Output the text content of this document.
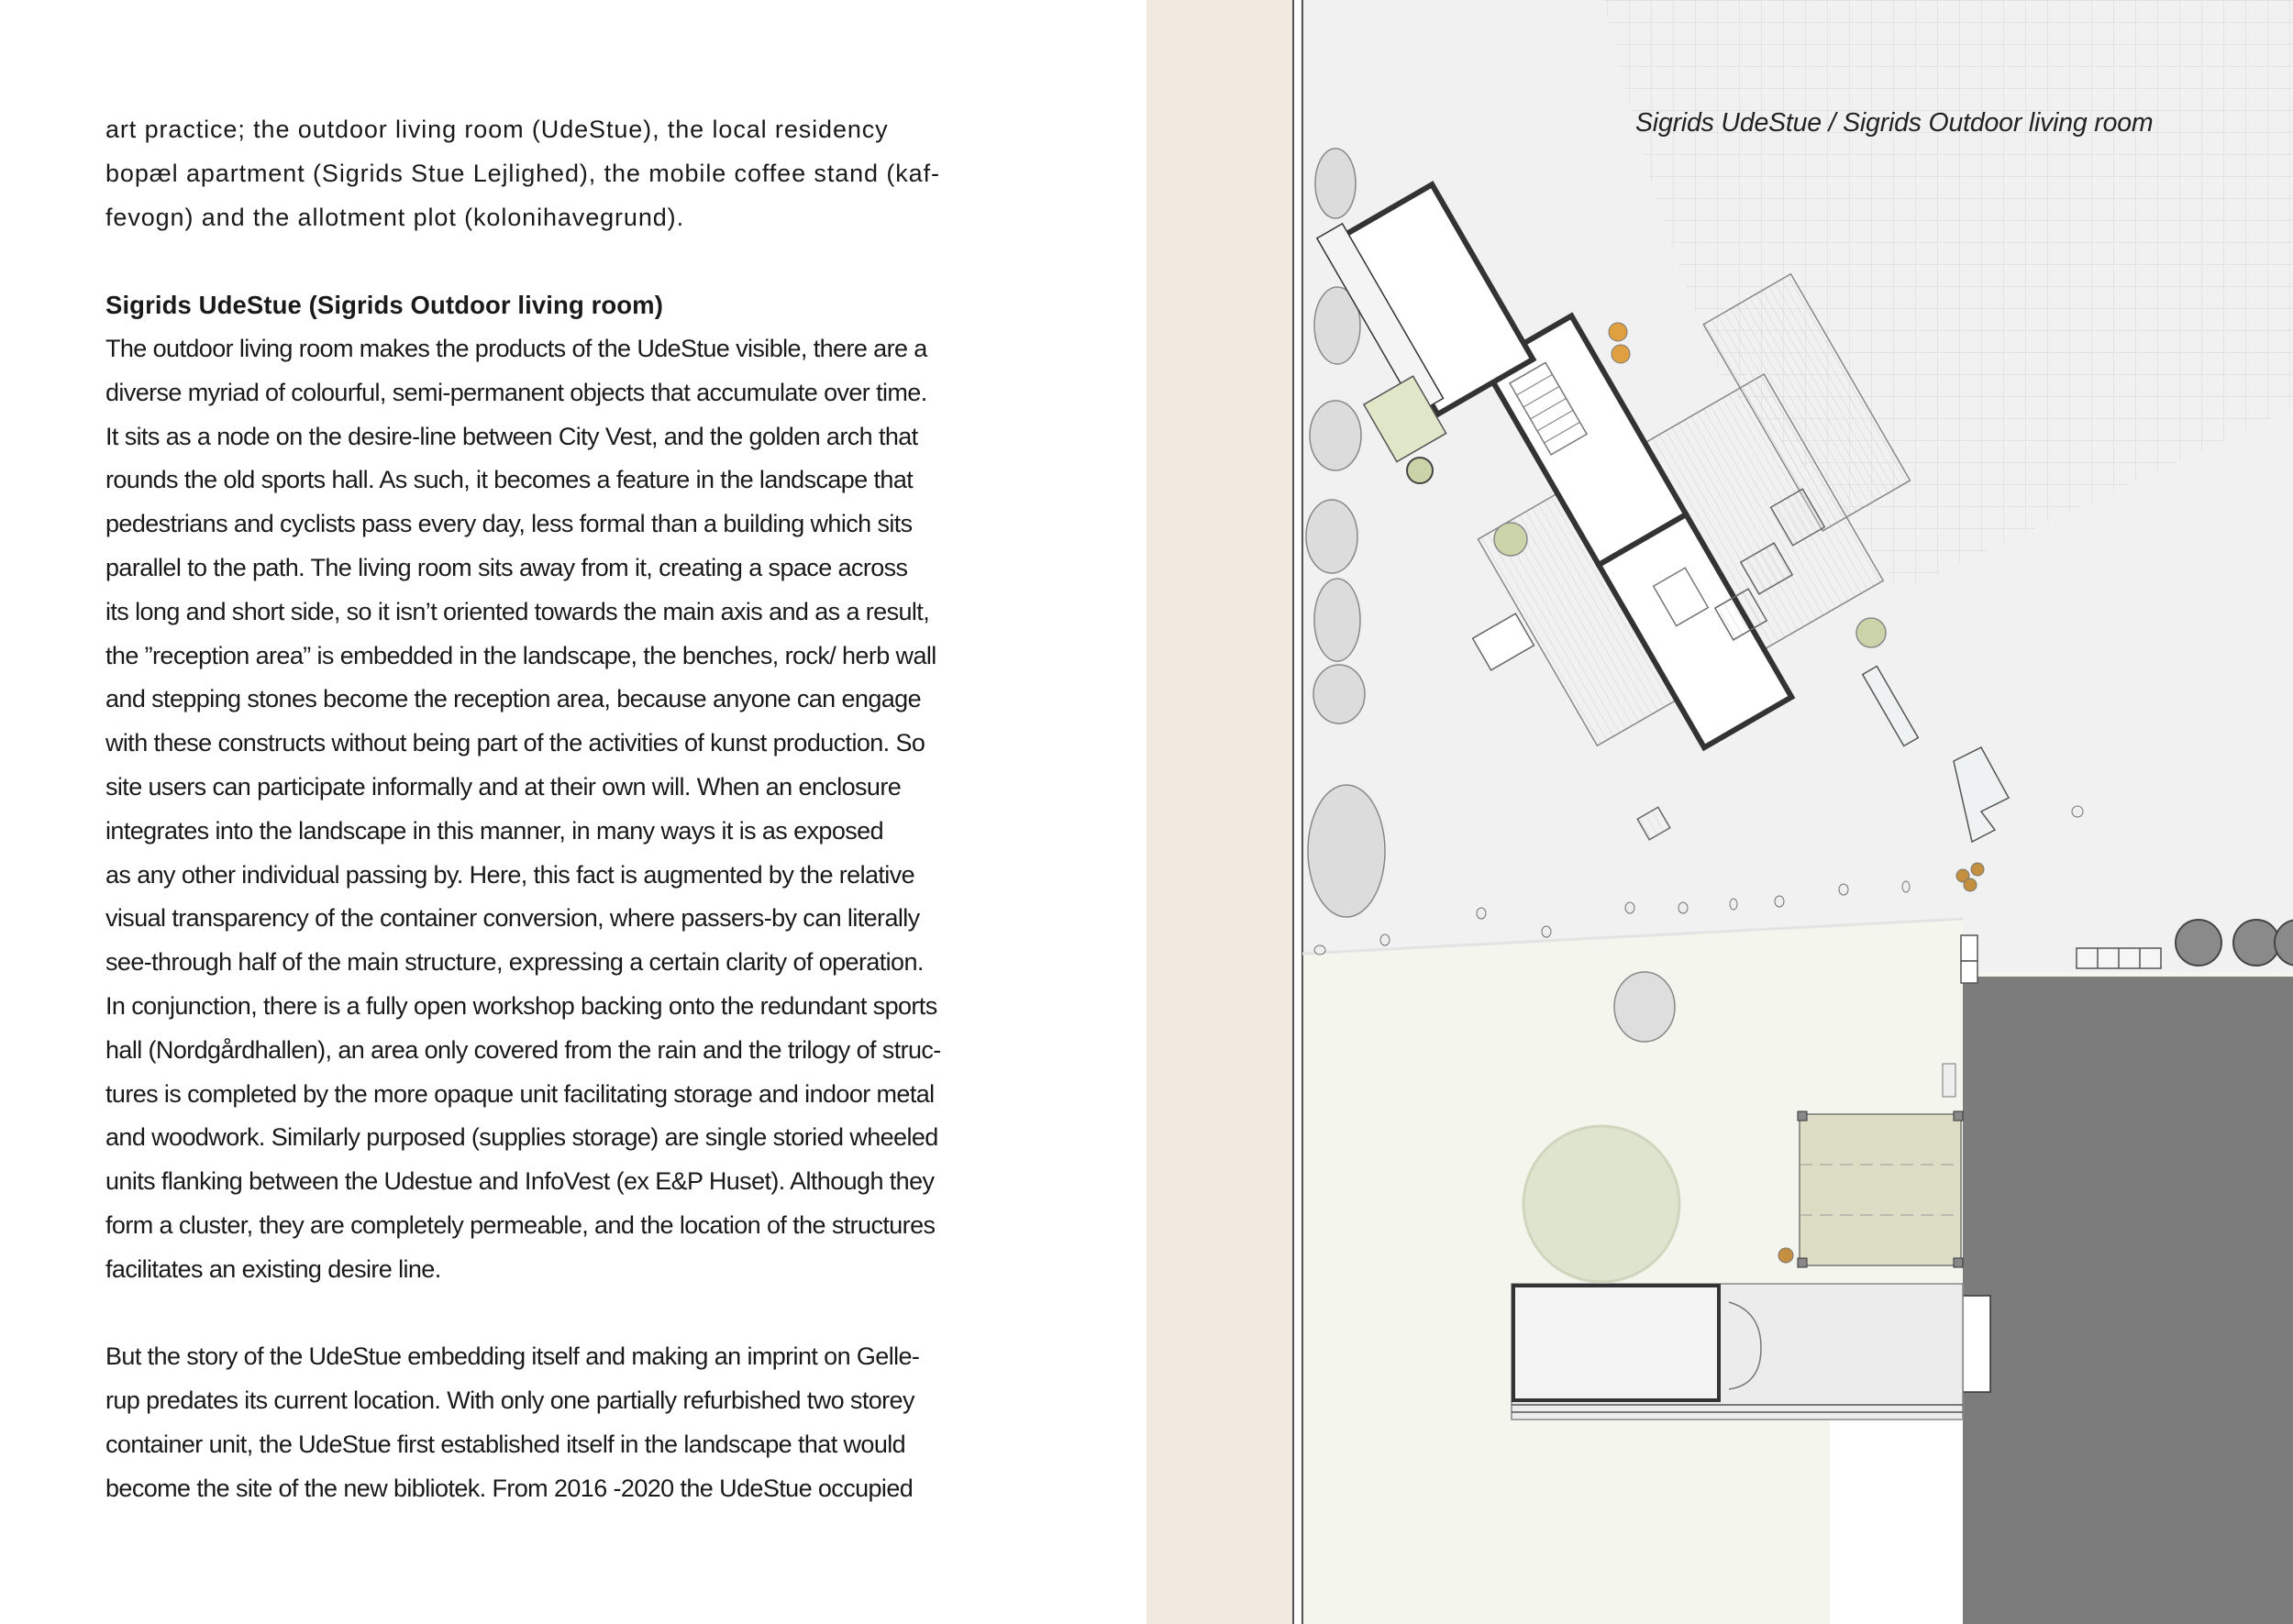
art practice; the outdoor living room (UdeStue), the local residency
bopæl apartment (Sigrids Stue Lejlighed), the mobile coffee stand (kaf-
fevogn) and the allotment plot (kolonihavegrund).

Sigrids UdeStue (Sigrids Outdoor living room)

The outdoor living room makes the products of the UdeStue visible, there are a
diverse myriad of colourful, semi-permanent objects that accumulate over time.
It sits as a node on the desire-line between City Vest, and the golden arch that
rounds the old sports hall. As such, it becomes a feature in the landscape that
pedestrians and cyclists pass every day, less formal than a building which sits
parallel to the path. The living room sits away from it, creating a space across
its long and short side, so it isn’t oriented towards the main axis and as a result,
the ”reception area” is embedded in the landscape, the benches, rock/ herb wall
and stepping stones become the reception area, because anyone can engage
with these constructs without being part of the activities of kunst production. So
site users can participate informally and at their own will. When an enclosure
integrates into the landscape in this manner, in many ways it is as exposed
as any other individual passing by. Here, this fact is augmented by the relative
visual transparency of the container conversion, where passers-by can literally
see-through half of the main structure, expressing a certain clarity of operation.
In conjunction, there is a fully open workshop backing onto the redundant sports
hall (Nordgårdhallen), an area only covered from the rain and the trilogy of struc-
tures is completed by the more opaque unit facilitating storage and indoor metal
and woodwork. Similarly purposed (supplies storage) are single storied wheeled
units flanking between the Udestue and InfoVest (ex E&P Huset). Although they
form a cluster, they are completely permeable, and the location of the structures
facilitates an existing desire line.

But the story of the UdeStue embedding itself and making an imprint on Gelle-
rup predates its current location. With only one partially refurbished two storey
container unit, the UdeStue first established itself in the landscape that would
become the site of the new bibliotek. From 2016 -2020 the UdeStue occupied

Sigrids UdeStue / Sigrids Outdoor living room
